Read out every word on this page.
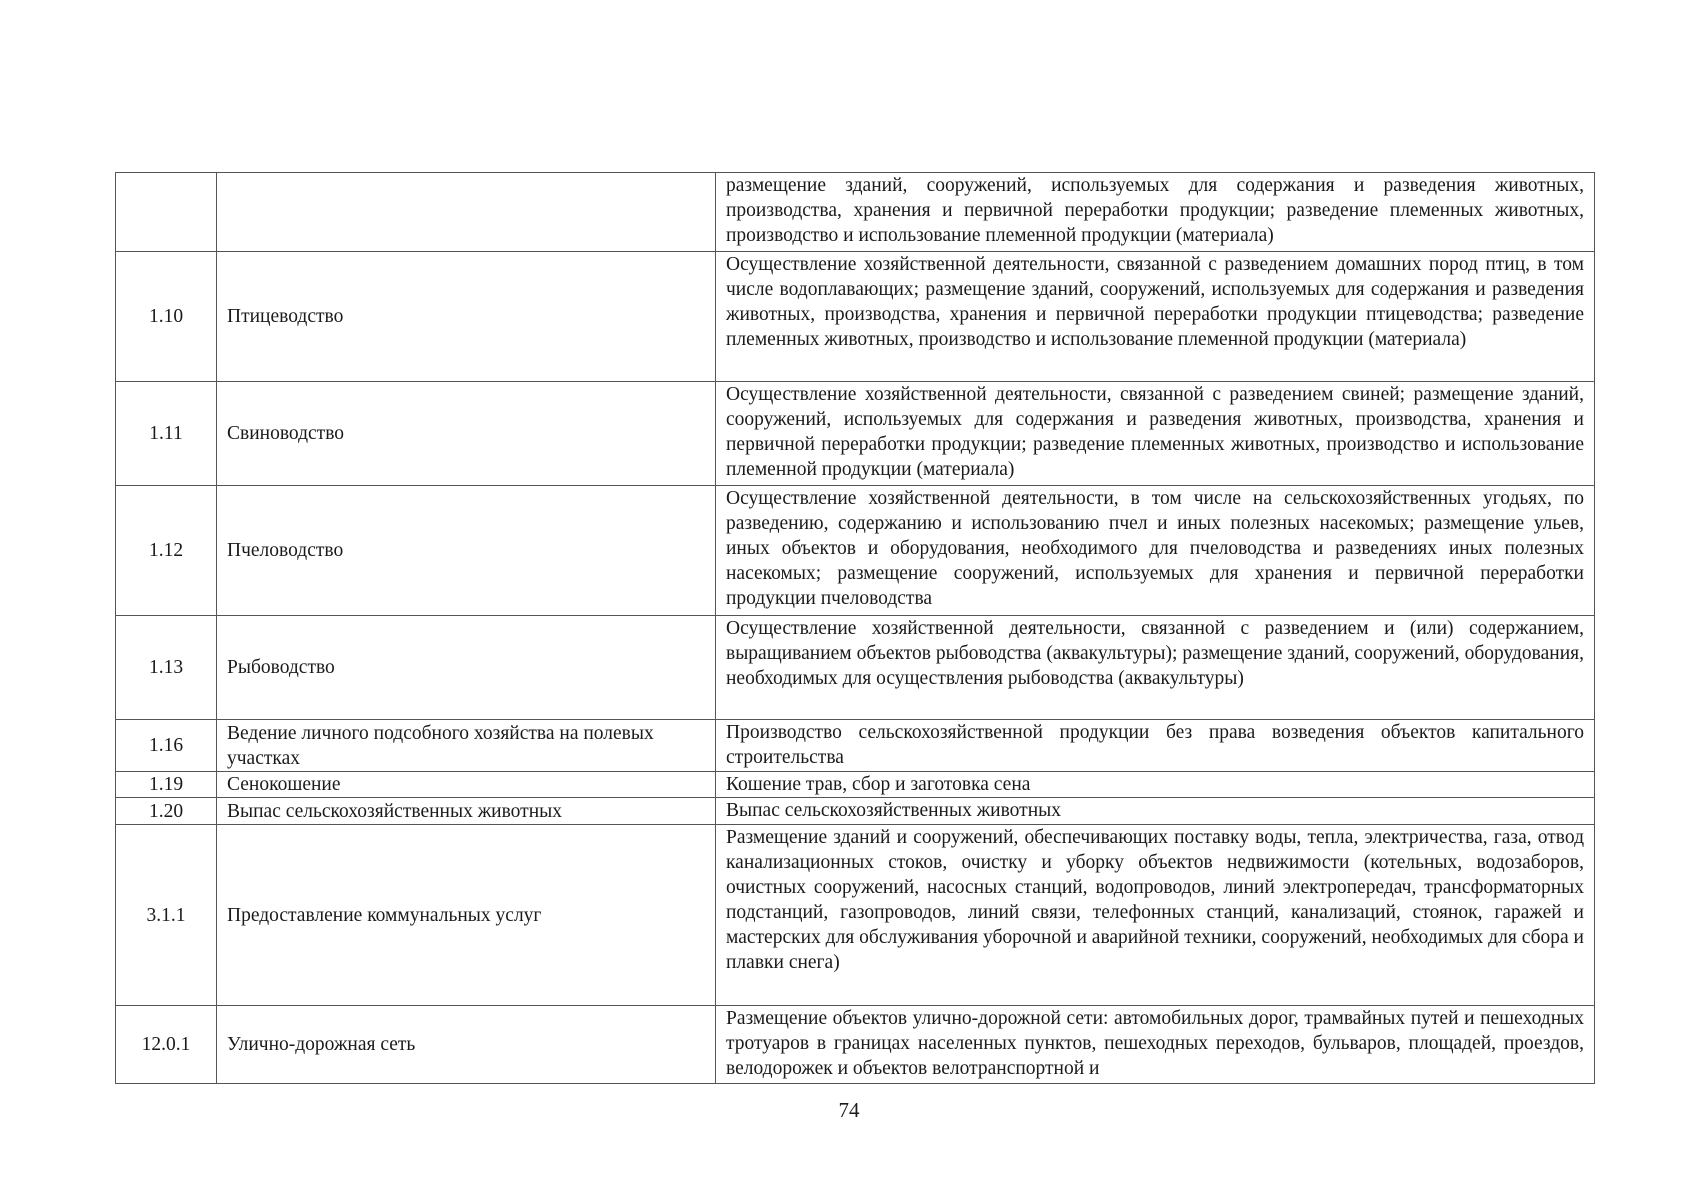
		размещение зданий, сооружений, используемых для содержания и разведения животных, производства, хранения и первичной переработки продукции; разведение племенных животных, производство и использование племенной продукции (материала)
1.10	Птицеводство	Осуществление хозяйственной деятельности, связанной с разведением домашних пород птиц, в том числе водоплавающих; размещение зданий, сооружений, используемых для содержания и разведения животных, производства, хранения и первичной переработки продукции птицеводства; разведение племенных животных, производство и использование племенной продукции (материала)
1.11	Свиноводство	Осуществление хозяйственной деятельности, связанной с разведением свиней; размещение зданий, сооружений, используемых для содержания и разведения животных, производства, хранения и первичной переработки продукции; разведение племенных животных, производство и использование племенной продукции (материала)
1.12	Пчеловодство	Осуществление хозяйственной деятельности, в том числе на сельскохозяйственных угодьях, по разведению, содержанию и использованию пчел и иных полезных насекомых; размещение ульев, иных объектов и оборудования, необходимого для пчеловодства и разведениях иных полезных насекомых; размещение сооружений, используемых для хранения и первичной переработки продукции пчеловодства
1.13	Рыбоводство	Осуществление хозяйственной деятельности, связанной с разведением и (или) содержанием, выращиванием объектов рыбоводства (аквакультуры); размещение зданий, сооружений, оборудования, необходимых для осуществления рыбоводства (аквакультуры)
1.16	Ведение личного подсобного хозяйства на полевых участках	Производство сельскохозяйственной продукции без права возведения объектов капитального строительства
1.19	Сенокошение	Кошение трав, сбор и заготовка сена
1.20	Выпас сельскохозяйственных животных	Выпас сельскохозяйственных животных
3.1.1	Предоставление коммунальных услуг	Размещение зданий и сооружений, обеспечивающих поставку воды, тепла, электричества, газа, отвод канализационных стоков, очистку и уборку объектов недвижимости (котельных, водозаборов, очистных сооружений, насосных станций, водопроводов, линий электропередач, трансформаторных подстанций, газопроводов, линий связи, телефонных станций, канализаций, стоянок, гаражей и мастерских для обслуживания уборочной и аварийной техники, сооружений, необходимых для сбора и плавки снега)
12.0.1	Улично-дорожная сеть	Размещение объектов улично-дорожной сети: автомобильных дорог, трамвайных путей и пешеходных тротуаров в границах населенных пунктов, пешеходных переходов, бульваров, площадей, проездов, велодорожек и объектов велотранспортной и
74
